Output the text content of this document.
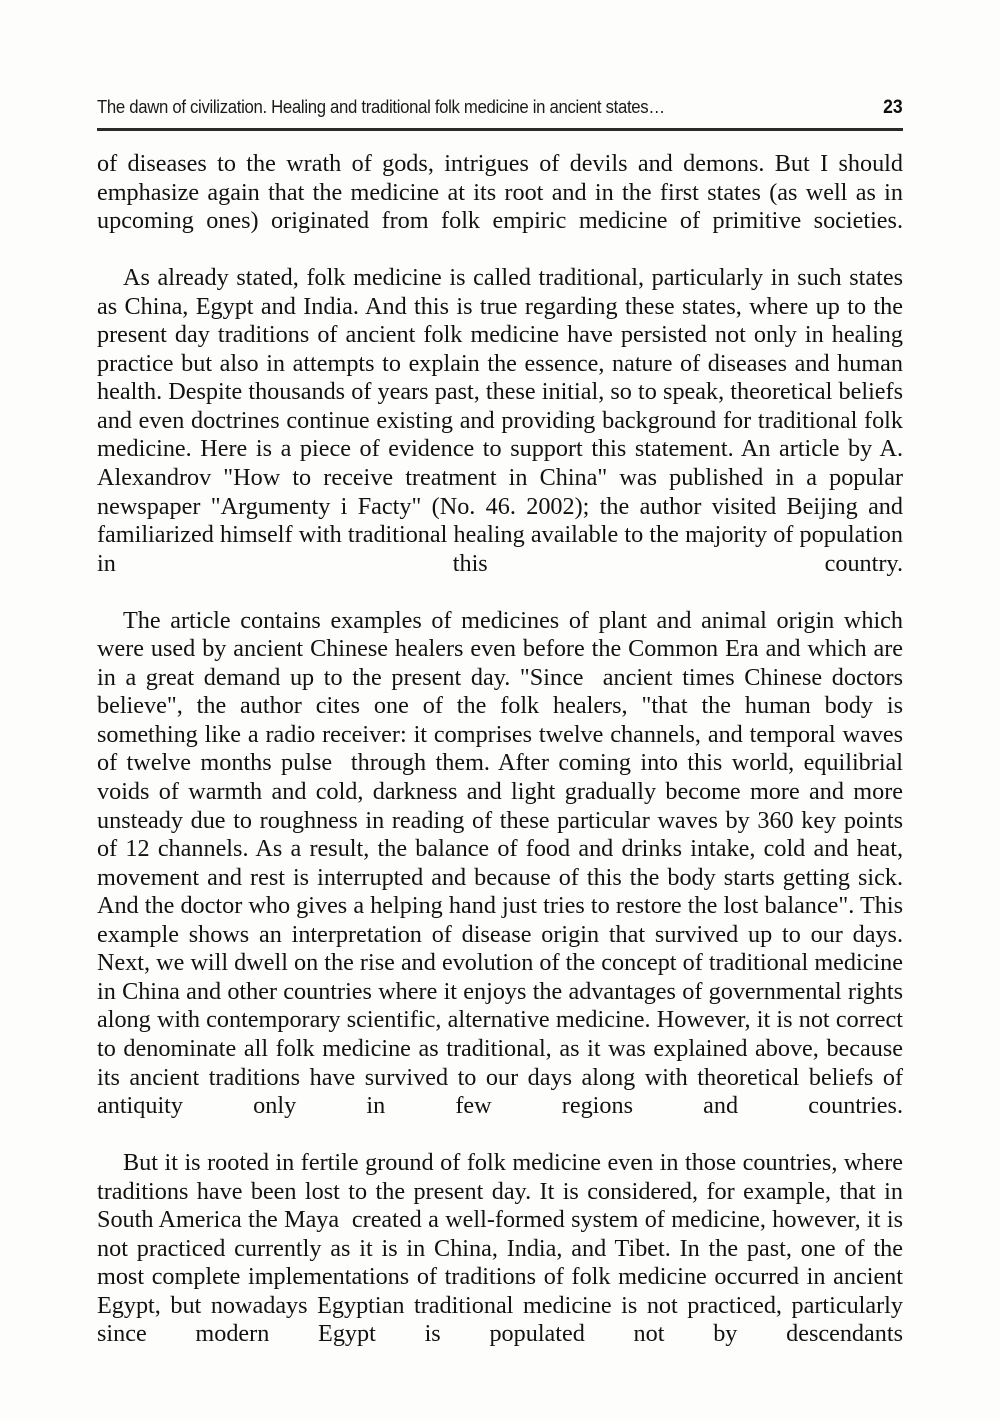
The dawn of civilization. Healing and traditional folk medicine in ancient states…	23

of diseases to the wrath of gods, intrigues of devils and demons. But I should emphasize again that the medicine at its root and in the first states (as well as in upcoming ones) originated from folk empiric medicine of primitive societies.

As already stated, folk medicine is called traditional, particularly in such states as China, Egypt and India. And this is true regarding these states, where up to the present day traditions of ancient folk medicine have persisted not only in healing practice but also in attempts to explain the essence, nature of diseases and human health. Despite thousands of years past, these initial, so to speak, theoretical beliefs and even doctrines continue existing and providing background for traditional folk medicine. Here is a piece of evidence to support this statement. An article by A. Alexandrov "How to receive treatment in China" was published in a popular newspaper "Argumenty i Facty" (No. 46. 2002); the author visited Beijing and  familiarized himself with traditional healing available to the majority of population in this country.

The article contains examples of medicines of plant and animal origin which were used by ancient Chinese healers even before the Common Era and which are in a great demand up to the present day. "Since  ancient times Chinese doctors believe", the author cites one of the folk healers, "that the human body is something like a radio receiver: it comprises twelve channels, and temporal waves of twelve months pulse  through them. After coming into this world, equilibrial voids of warmth and cold, darkness and light gradually become more and more unsteady due to roughness in reading of these particular waves by 360 key points of 12 channels. As a result, the balance of food and drinks intake, cold and heat, movement and rest is interrupted and because of this the body starts getting sick. And the doctor who gives a helping hand just tries to restore the lost balance". This example shows an interpretation of disease origin that survived up to our days. Next, we will dwell on the rise and evolution of the concept of traditional medicine in China and other countries where it enjoys the advantages of governmental rights along with contemporary scientific, alternative medicine. However, it is not correct to denominate all folk medicine as traditional, as it was explained above, because its ancient traditions have survived to our days along with theoretical beliefs of antiquity only in few regions and countries.

But it is rooted in fertile ground of folk medicine even in those countries, where traditions have been lost to the present day. It is considered, for example, that in South America the Maya  created a well-formed system of medicine, however, it is not practiced currently as it is in China, India, and Tibet. In the past, one of the most complete implementations of traditions of folk medicine occurred in ancient Egypt, but nowadays Egyptian traditional medicine is not practiced, particularly since modern Egypt is populated not by descendants
